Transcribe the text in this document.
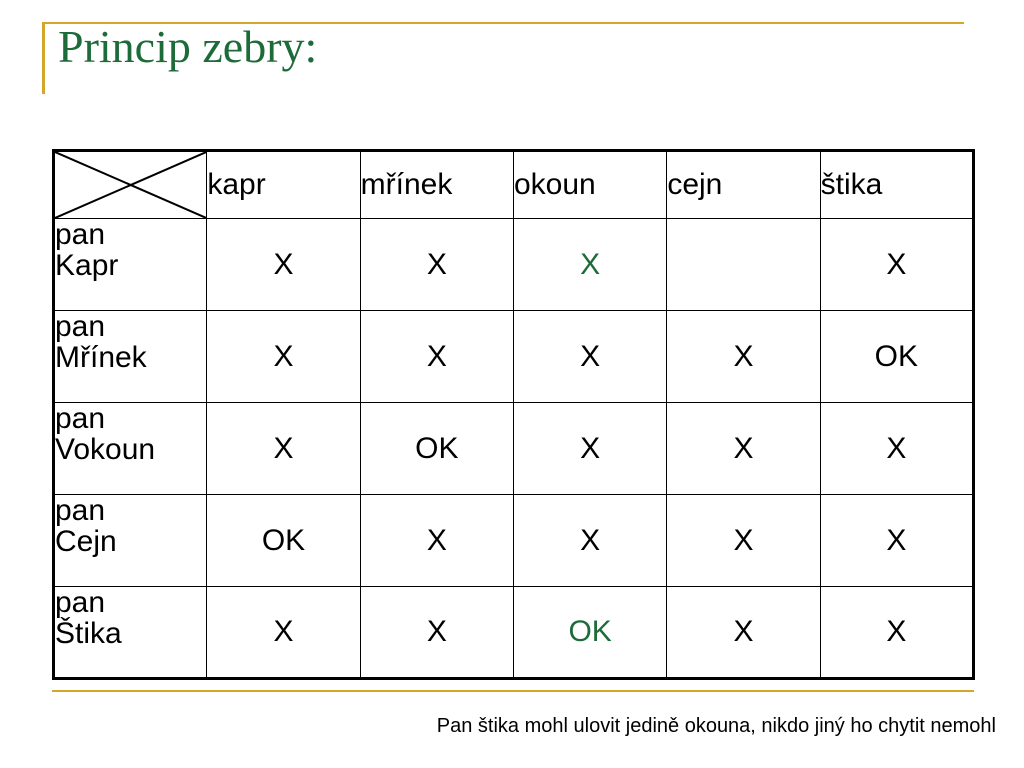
Princip zebry:
	kapr	mřínek	okoun	cejn	štika
pan
Kapr	X	X	X		X
pan
Mřínek	X	X	X	X	OK
pan
Vokoun	X	OK	X	X	X
pan
Cejn	OK	X	X	X	X
pan
Štika	X	X	OK	X	X
Pan štika mohl ulovit jedině okouna, nikdo jiný ho chytit nemohl
